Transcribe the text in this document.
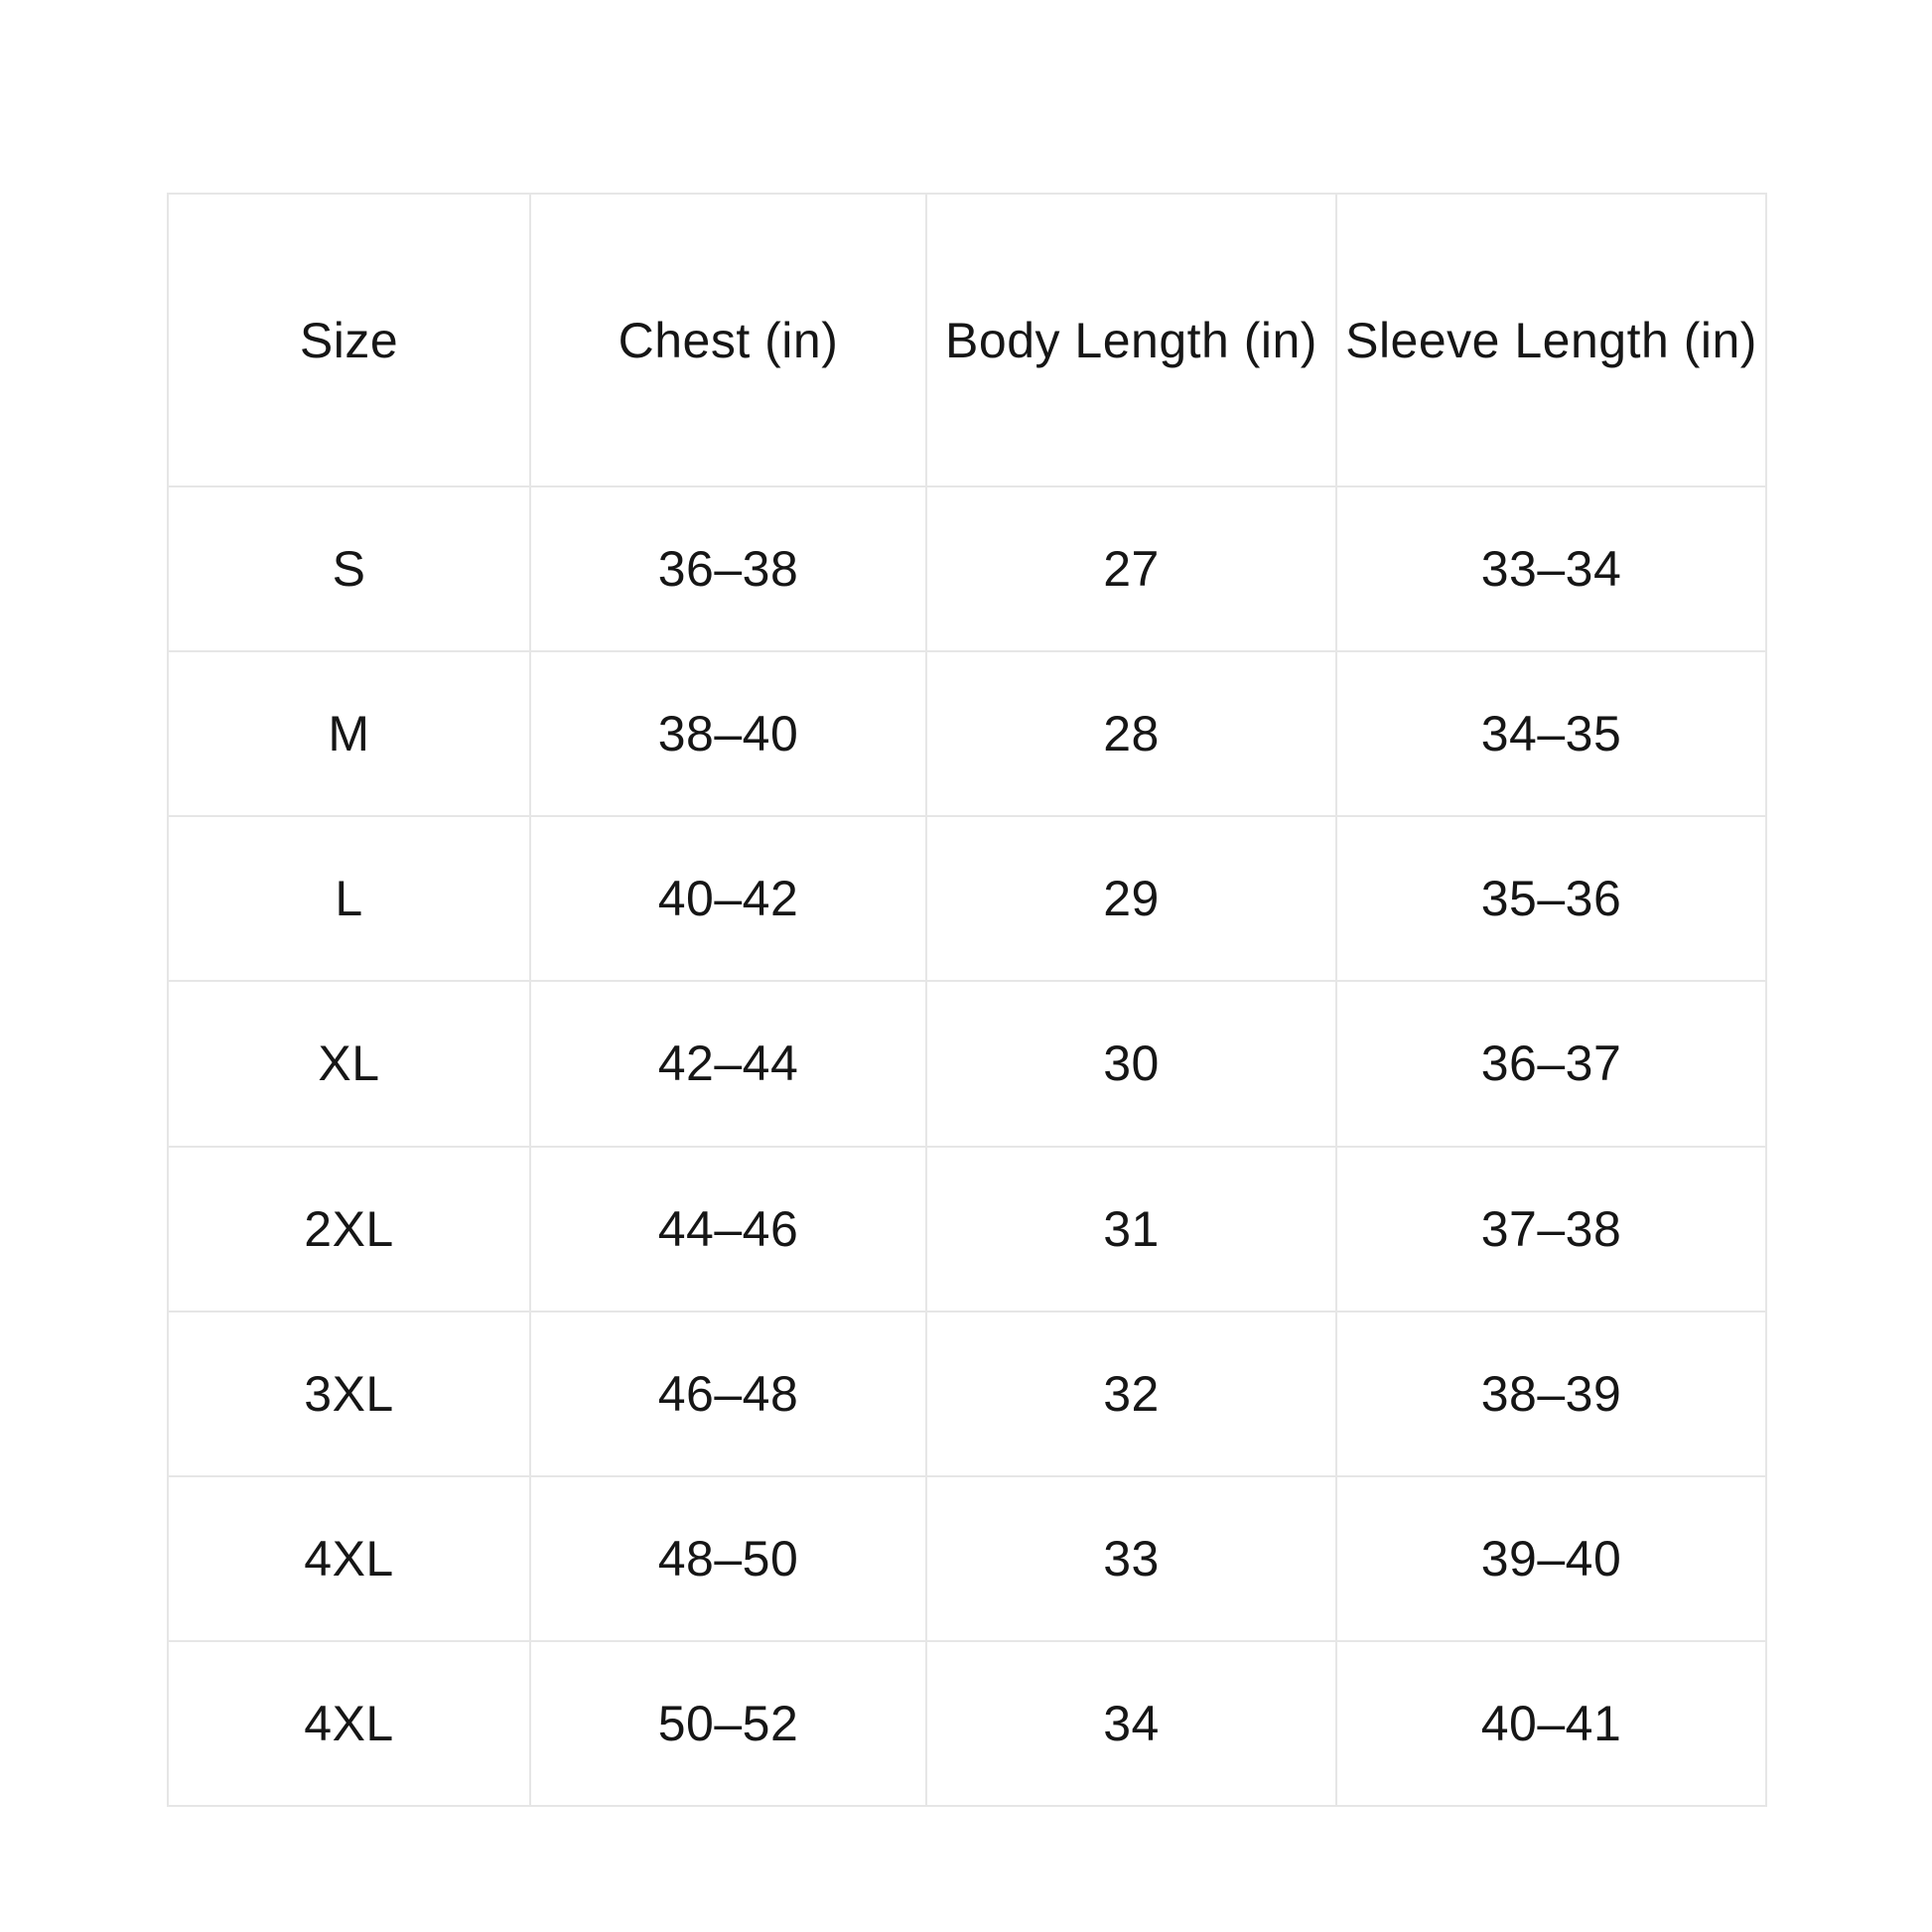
Size	Chest (in)	Body Length (in)	Sleeve Length (in)
S	36–38	27	33–34
M	38–40	28	34–35
L	40–42	29	35–36
XL	42–44	30	36–37
2XL	44–46	31	37–38
3XL	46–48	32	38–39
4XL	48–50	33	39–40
4XL	50–52	34	40–41
